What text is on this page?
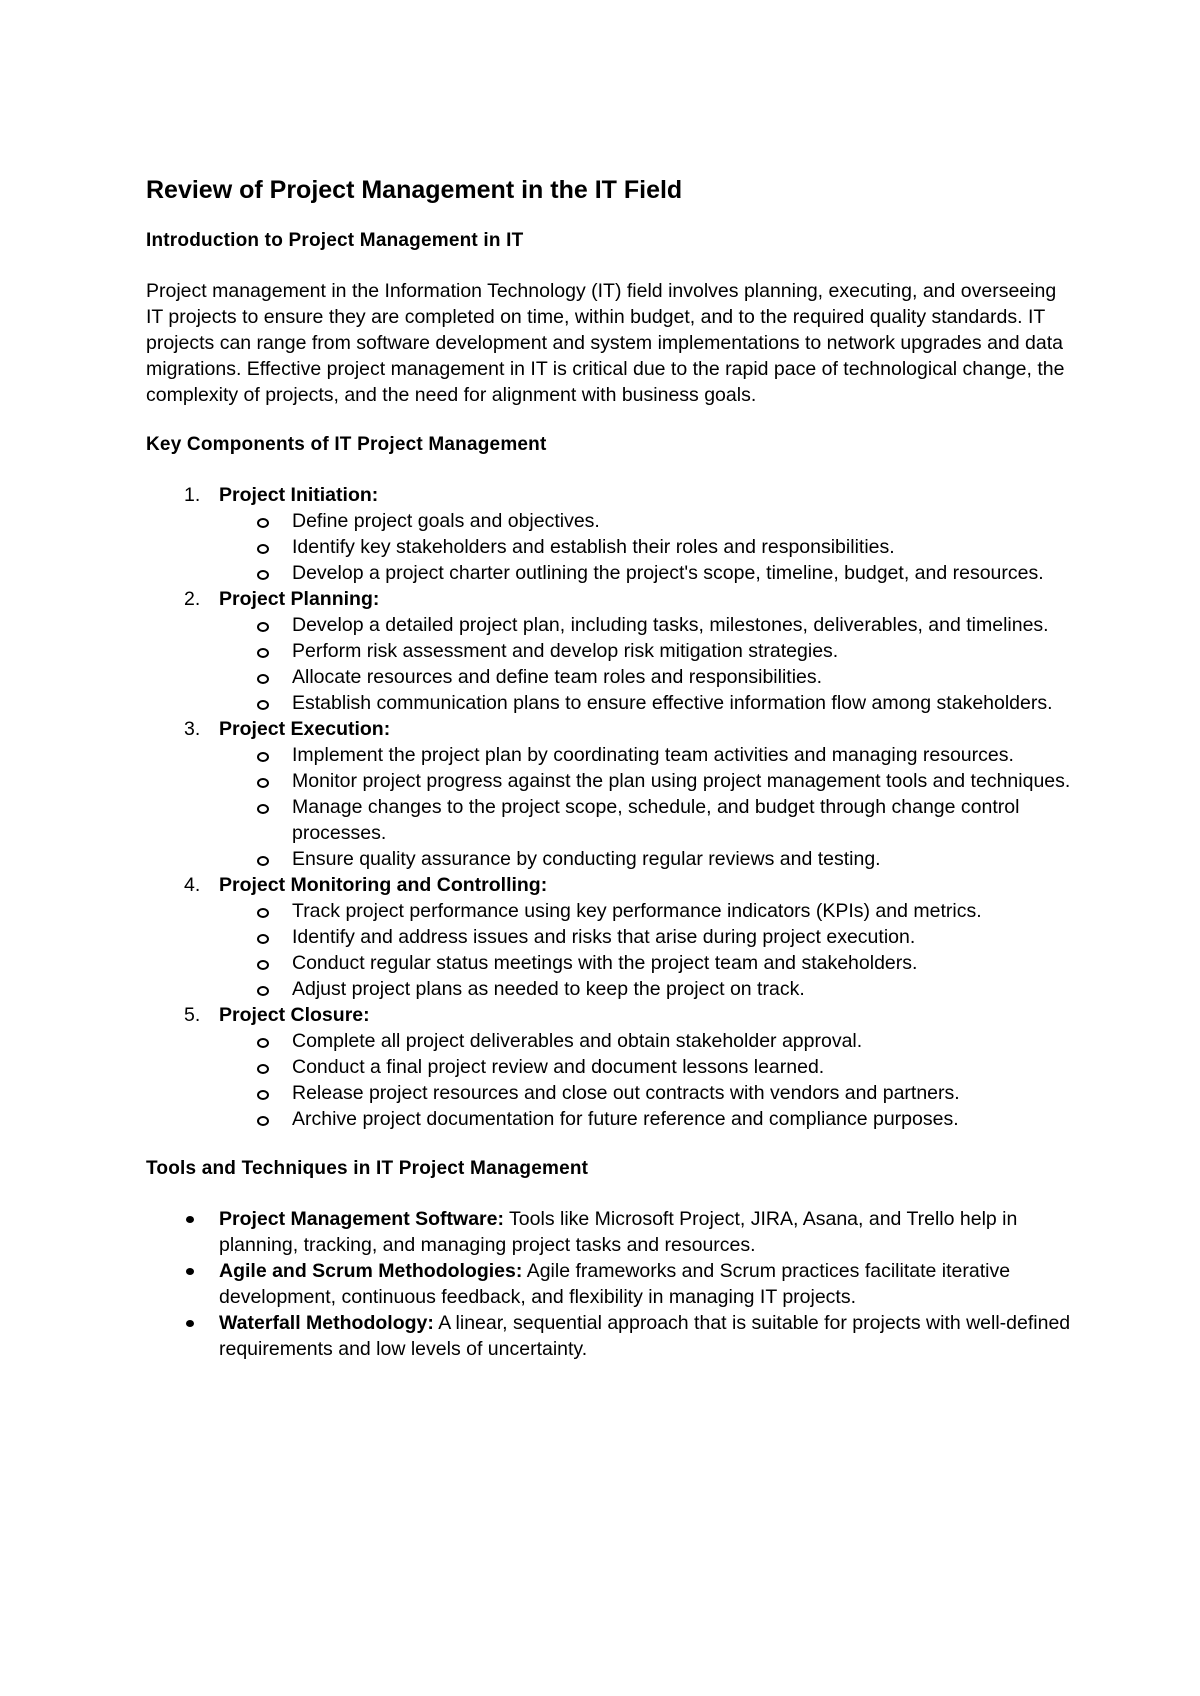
Review of Project Management in the IT Field
Introduction to Project Management in IT

Project management in the Information Technology (IT) field involves planning, executing, and overseeing IT projects to ensure they are completed on time, within budget, and to the required quality standards. IT projects can range from software development and system implementations to network upgrades and data migrations. Effective project management in IT is critical due to the rapid pace of technological change, the complexity of projects, and the need for alignment with business goals.

Key Components of IT Project Management
1. Project Initiation:
Define project goals and objectives.
Identify key stakeholders and establish their roles and responsibilities.
Develop a project charter outlining the project's scope, timeline, budget, and resources.
2. Project Planning:
Develop a detailed project plan, including tasks, milestones, deliverables, and timelines.
Perform risk assessment and develop risk mitigation strategies.
Allocate resources and define team roles and responsibilities.
Establish communication plans to ensure effective information flow among stakeholders.
3. Project Execution:
Implement the project plan by coordinating team activities and managing resources.
Monitor project progress against the plan using project management tools and techniques.
Manage changes to the project scope, schedule, and budget through change control processes.
Ensure quality assurance by conducting regular reviews and testing.
4. Project Monitoring and Controlling:
Track project performance using key performance indicators (KPIs) and metrics.
Identify and address issues and risks that arise during project execution.
Conduct regular status meetings with the project team and stakeholders.
Adjust project plans as needed to keep the project on track.
5. Project Closure:
Complete all project deliverables and obtain stakeholder approval.
Conduct a final project review and document lessons learned.
Release project resources and close out contracts with vendors and partners.
Archive project documentation for future reference and compliance purposes.
Tools and Techniques in IT Project Management
Project Management Software: Tools like Microsoft Project, JIRA, Asana, and Trello help in planning, tracking, and managing project tasks and resources.
Agile and Scrum Methodologies: Agile frameworks and Scrum practices facilitate iterative development, continuous feedback, and flexibility in managing IT projects.
Waterfall Methodology: A linear, sequential approach that is suitable for projects with well-defined requirements and low levels of uncertainty.
